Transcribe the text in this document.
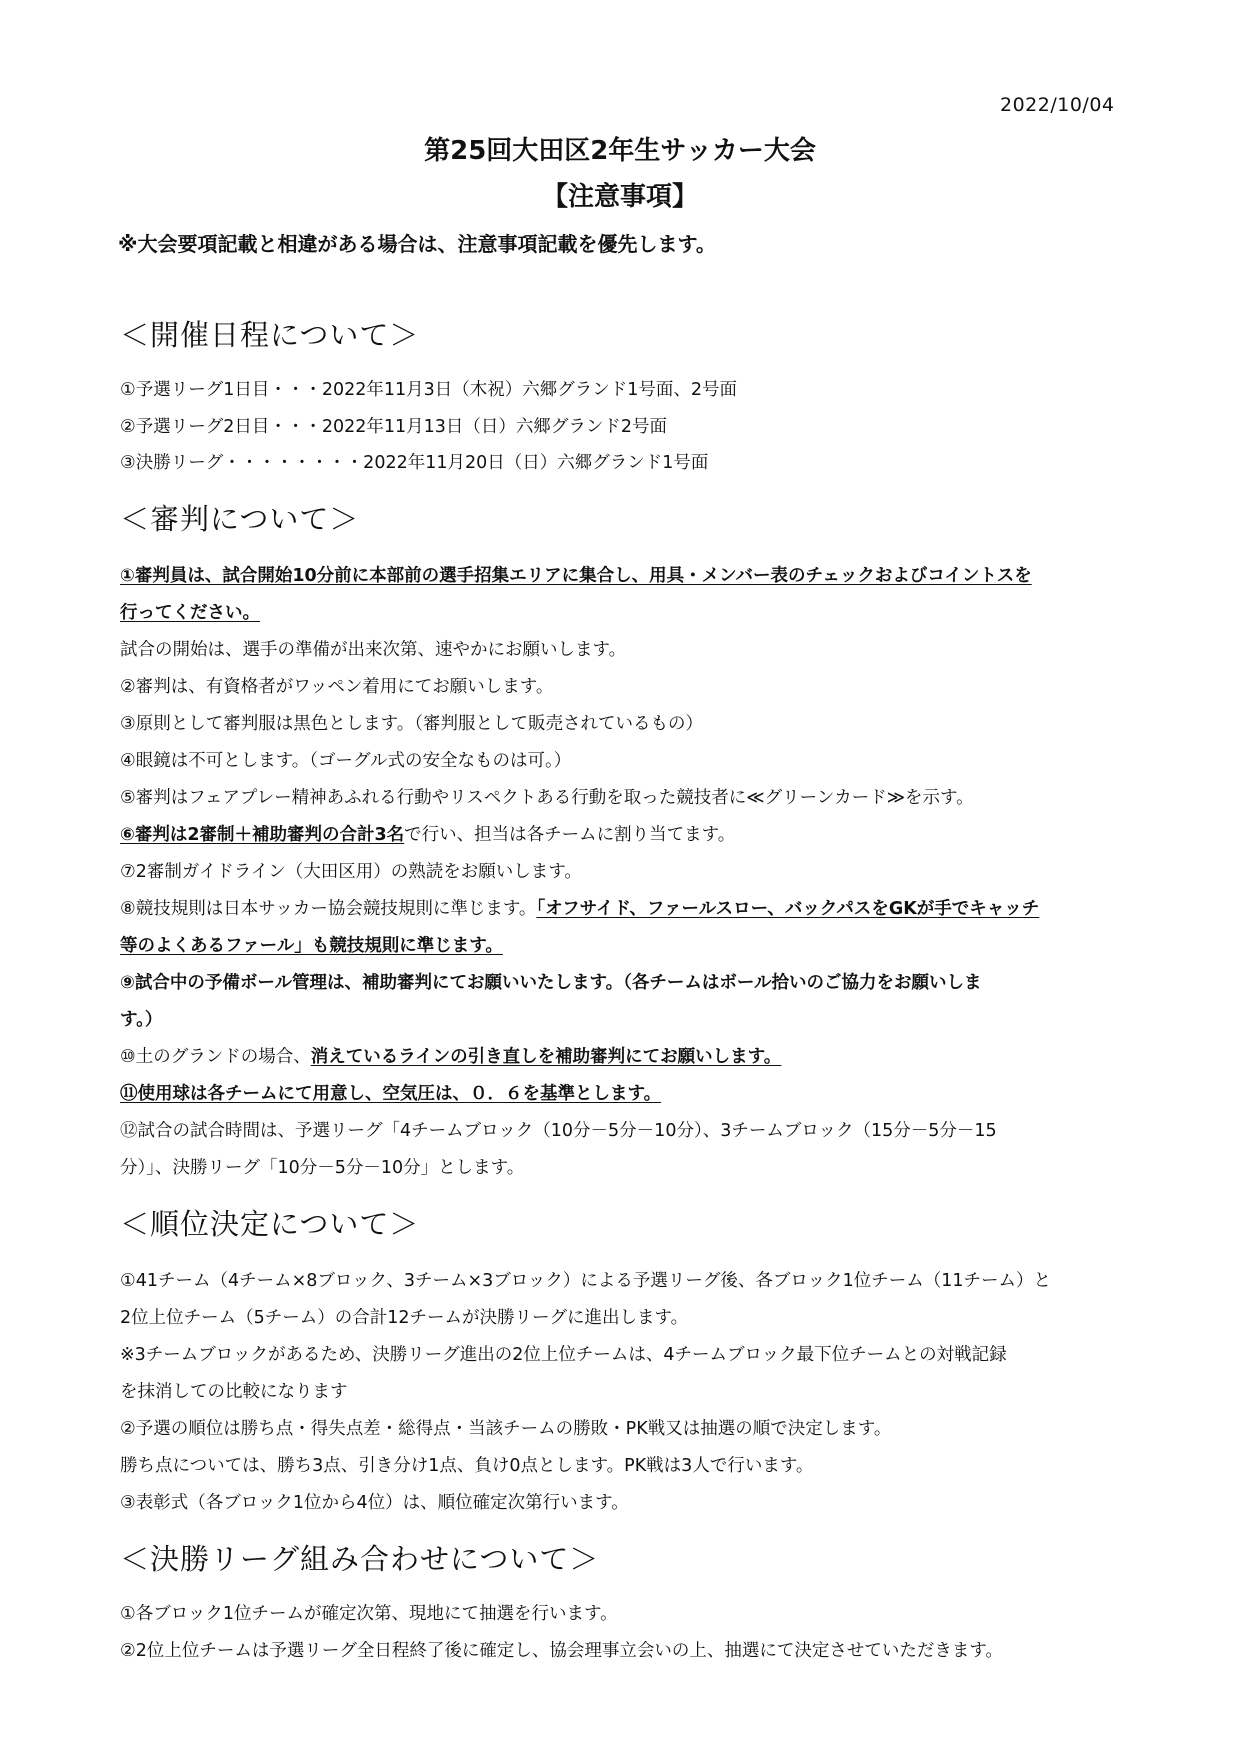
2022/10/04
第25回大田区2年生サッカー大会
【注意事項】
※大会要項記載と相違がある場合は、注意事項記載を優先します。
＜開催日程について＞
①予選リーグ1日目・・・2022年11月3日（木祝）六郷グランド1号面、2号面
②予選リーグ2日目・・・2022年11月13日（日）六郷グランド2号面
③決勝リーグ・・・・・・・・2022年11月20日（日）六郷グランド1号面
＜審判について＞
①審判員は、試合開始10分前に本部前の選手招集エリアに集合し、用具・メンバー表のチェックおよびコイントスを
行ってください。
試合の開始は、選手の準備が出来次第、速やかにお願いします。
②審判は、有資格者がワッペン着用にてお願いします。
③原則として審判服は黒色とします。（審判服として販売されているもの）
④眼鏡は不可とします。（ゴーグル式の安全なものは可。）
⑤審判はフェアプレー精神あふれる行動やリスペクトある行動を取った競技者に≪グリーンカード≫を示す。
⑥審判は2審制＋補助審判の合計3名で行い、担当は各チームに割り当てます。
⑦2審制ガイドライン（大田区用）の熟読をお願いします。
⑧競技規則は日本サッカー協会競技規則に準じます。「オフサイド、ファールスロー、バックパスをGKが手でキャッチ
等のよくあるファール」も競技規則に準じます。
⑨試合中の予備ボール管理は、補助審判にてお願いいたします。（各チームはボール拾いのご協力をお願いしま
す。）
⑩土のグランドの場合、消えているラインの引き直しを補助審判にてお願いします。
⑪使用球は各チームにて用意し、空気圧は、０．６を基準とします。
⑫試合の試合時間は、予選リーグ「4チームブロック（10分－5分－10分）、3チームブロック（15分－5分－15
分）」、決勝リーグ「10分－5分－10分」とします。
＜順位決定について＞
①41チーム（4チーム×8ブロック、3チーム×3ブロック）による予選リーグ後、各ブロック1位チーム（11チーム）と
2位上位チーム（5チーム）の合計12チームが決勝リーグに進出します。
※3チームブロックがあるため、決勝リーグ進出の2位上位チームは、4チームブロック最下位チームとの対戦記録
を抹消しての比較になります
②予選の順位は勝ち点・得失点差・総得点・当該チームの勝敗・PK戦又は抽選の順で決定します。
勝ち点については、勝ち3点、引き分け1点、負け0点とします。PK戦は3人で行います。
③表彰式（各ブロック1位から4位）は、順位確定次第行います。
＜決勝リーグ組み合わせについて＞
①各ブロック1位チームが確定次第、現地にて抽選を行います。
②2位上位チームは予選リーグ全日程終了後に確定し、協会理事立会いの上、抽選にて決定させていただきます。
